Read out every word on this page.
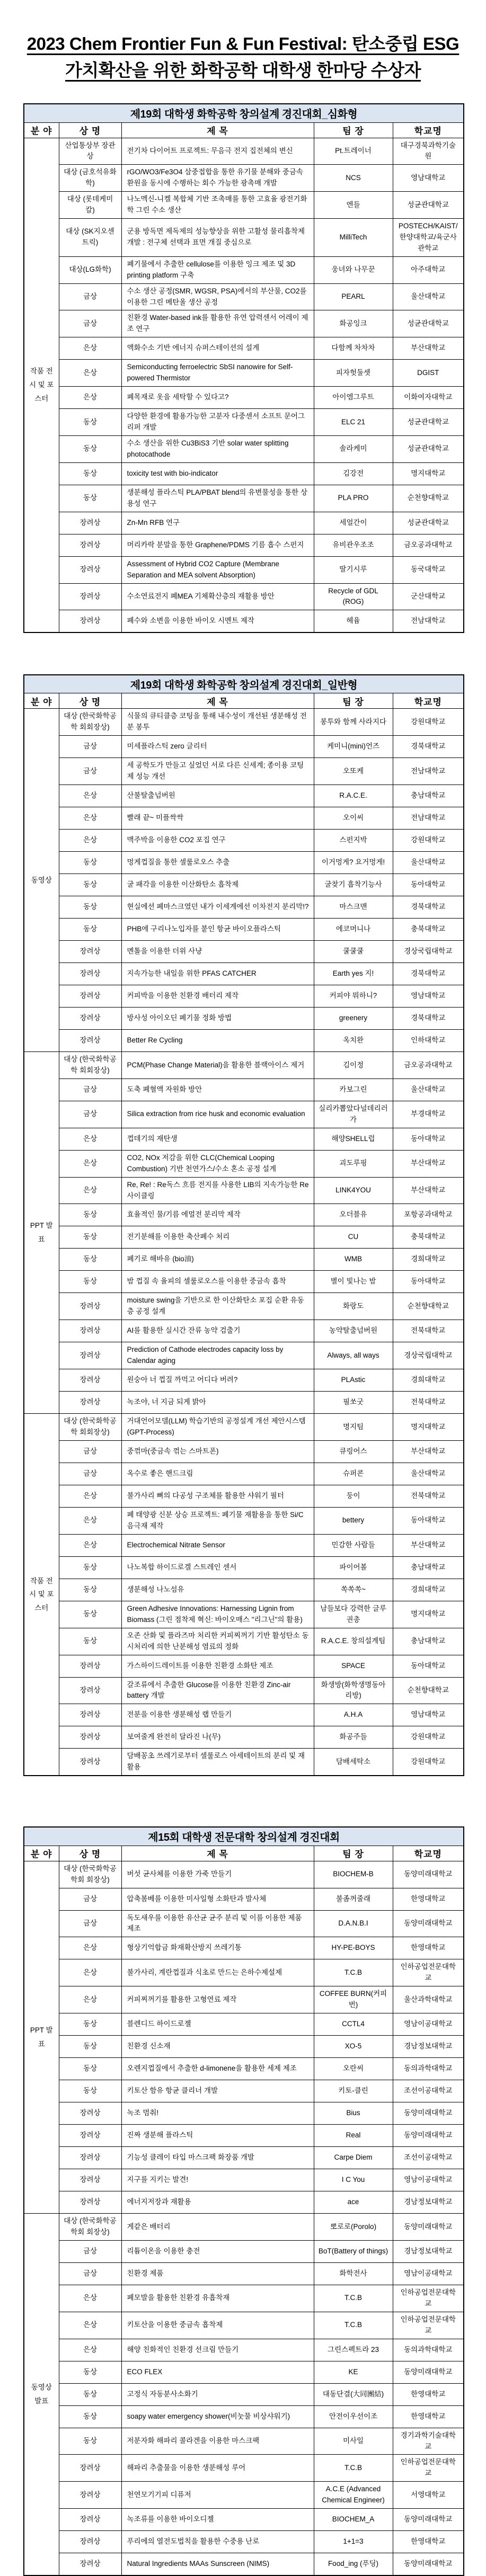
2023 Chem Frontier Fun & Fun Festival: 탄소중립 ESG
가치확산을 위한 화학공학 대학생 한마당 수상자
제19회 대학생 화학공학 창의설계 경진대회_심화형				
분 야	상 명	제 목	팀 장	학교명
작품 전시 및 포스터	산업통상부 장관상	전기차 다이어트 프로젝트: 무음극 전지 집전체의 변신	Pt.트레이너	대구경북과학기술원
	대상 (금호석유화학)	rGO/WO3/Fe3O4 삼중접합을 통한 유기물 분해와 중금속 환원을 동시에 수행하는 회수 가능한 광촉매 개발	NCS	영남대학교
	대상 (롯데케미칼)	나노멕신-니켈 복합체 기반 조촉매를 통한 고효율 광전기화학 그린 수소 생산	엔들	성균관대학교
	대상 (SK지오센트릭)	군용 방독면 제독제의 성능향상을 위한 고활성 물리흡착제 개발 : 전구체 선택과 표면 개질 중심으로	MilliTech	POSTECH/KAIST/한양대학교/육군사관학교
	대상(LG화학)	폐기물에서 추출한 cellulose를 이용한 잉크 제조 및 3D printing platform 구축	웅녀와 나무꾼	아주대학교
	금상	수소 생산 공정(SMR, WGSR, PSA)에서의 부산물, CO2를 이용한 그린 메탄올 생산 공정	PEARL	울산대학교
	금상	친환경 Water-based ink를 활용한 유연 압력센서 어레이 제조 연구	화공잉크	성균관대학교
	은상	액화수소 기반 에너지 슈퍼스테이션의 설계	다함께 차차차	부산대학교
	은상	Semiconducting ferroelectric SbSI nanowire for Self-powered Thermistor	피자헛둘셋	DGIST
	은상	폐목재로 옷을 세탁할 수 있다고?	아이엠그루트	이화여자대학교
	동상	다양한 환경에 활용가능한 고분자 다중센서 소프트 문어그리퍼 개발	ELC 21	성균관대학교
	동상	수소 생산을 위한 Cu3BiS3 기반 solar water splitting photocathode	솔라케미	성균관대학교
	동상	toxicity test with bio-indicator	김강전	명지대학교
	동상	생분해성 플라스틱 PLA/PBAT blend의 유변물성을 통한 상용성 연구	PLA PRO	순천향대학교
	장려상	Zn-Mn RFB 연구	세얼간이	성균관대학교
	장려상	머리카락 분말을 통한 Graphene/PDMS 기름 흡수 스펀지	유비관우조조	금오공과대학교
	장려상	Assessment of Hybrid CO2 Capture (Membrane Separation and MEA solvent Absorption)	딸기시루	동국대학교
	장려상	수소연료전지 폐MEA 기체확산층의 재활용 방안	Recycle of GDL (ROG)	군산대학교
	장려상	폐수와 소변을 이용한 바이오 시멘트 제작	헤윰	전남대학교
제19회 대학생 화학공학 창의설계 경진대회_일반형				
분 야	상 명	제 목	팀 장	학교명
동영상	대상 (한국화학공학 회회장상)	식물의 큐티클층 코팅을 통해 내수성이 개선된 생분해성 전분 봉투	봉투와 함께 사라지다	강원대학교
	금상	미세플라스틱 zero 글리터	케미니(mini)언즈	경북대학교
	금상	세 공학도가 만들고 싶었던 서로 다른 신세계; 종이용 코팅제 성능 개선	오또케	전남대학교
	은상	산불탈출넘버원	R.A.C.E.	충남대학교
	은상	빨래 끝~ 미플싹싹	오이씨	전남대학교
	은상	맥주박을 이용한 CO2 포집 연구	스펀지박	강원대학교
	동상	멍게껍질을 통한 셀룰로오스 추출	이거멍게? 요거멍게!	울산대학교
	동상	굴 패각을 이용한 이산화탄소 흡착제	굴찾기 흡착기능사	동아대학교
	동상	현실에선 폐마스크였던 내가 이세계에선 이차전지 분리막!?	마스크맨	경북대학교
	동상	PHB에 구리나노입자를 붙인 항균 바이오플라스틱	에코머니나	충북대학교
	장려상	멘톨을 이용한 더위 사냥	쿨쿨쿨	경상국립대학교
	장려상	지속가능한 내일을 위한 PFAS CATCHER	Earth yes 지!	경북대학교
	장려상	커피박을 이용한 친환경 배터리 제작	커피야 뭐하니?	영남대학교
	장려상	방사성 아이오딘 폐기물 정화 방법	greenery	경북대학교
	장려상	Better Re Cycling	옥치완	인하대학교
PPT 발표	대상 (한국화학공학 회회장상)	PCM(Phase Change Material)을 활용한 블랙아이스 제거	김이정	금오공과대학교
	금상	도축 폐혈액 자원화 방안	카보그린	울산대학교
	금상	Silica extraction from rice husk and economic evaluation	실리카뽑았다널데리러가	부경대학교
	은상	껍데기의 재탄생	해양SHELL럽	동아대학교
	은상	CO2, NOx 저감을 위한 CLC(Chemical Looping Combustion) 기반 천연가스/수소 혼소 공정 설계	괴도루핑	부산대학교
	은상	Re, Re! : Re독스 흐름 전지를 사용한 LIB의 지속가능한 Re사이클링	LINK4YOU	부산대학교
	동상	효율적인 물/기름 에멀전 분리막 제작	오더블유	포항공과대학교
	동상	전기분해를 이용한 축산폐수 처리	CU	충북대학교
	동상	폐기로 해바유 (bio油)	WMB	경희대학교
	동상	밤 껍질 속 율피의 셀룰로오스를 이용한 중금속 흡착	별이 빛나는 밤	동아대학교
	장려상	moisture swing을 기반으로 한 이산화탄소 포집 순환 유동층 공정 설계	화랑도	순천향대학교
	장려상	AI를 활용한 실시간 잔류 농약 검출기	농약탈출넘버원	전북대학교
	장려상	Prediction of Cathode electrodes capacity loss by Calendar aging	Always, all ways	경상국립대학교
	장려상	원숭아 너 껍질 까먹고 어디다 버려?	PLAstic	경희대학교
	장려상	녹조야, 너 지금 되게 밝아	필쏘굿	전북대학교
작품 전시 및 포스터	대상 (한국화학공학 회회장상)	거대언어모델(LLM) 학습기반의 공정설계 개선 제안시스템(GPT-Process)	명지팀	명지대학교
	금상	중꺾마(중금속 꺾는 스마트폰)	큐링어스	부산대학교
	금상	옥수로 좋은 핸드크림	슈퍼콘	울산대학교
	은상	불가사리 뼈의 다공성 구조체를 활용한 샤워기 필터	둥이	전북대학교
	은상	폐 태양광 신분 상승 프로젝트: 폐기물 재활용을 통한 Si/C 음극재 제작	bettery	동아대학교
	은상	Electrochemical Nitrate Sensor	민감한 사람들	부산대학교
	동상	나노복합 하이드로겔 스트레인 센서	파이어볼	충남대학교
	동상	생분해성 나노섬유	쏙쏙쏙~	경희대학교
	동상	Green Adhesive Innovations: Harnessing Lignin from Biomass (그린 점착제 혁신: 바이오매스 "리그닌"의 활용)	남들보다 강력한 글루권총	명지대학교
	동상	오존 산화 및 플라즈마 처리한 커피찌꺼기 기반 활성탄소 동시처리에 의한 난분해성 염료의 정화	R.A.C.E. 창의설계팀	충남대학교
	장려상	가스하이드레이트를 이용한 친환경 소화탄 제조	SPACE	동아대학교
	장려상	갈조류에서 추출한 Glucose를 이용한 친환경 Zinc-air battery 개발	화생방(화학생명동아리방)	순천향대학교
	장려상	전분을 이용한 생분해성 랩 만들기	A.H.A	영남대학교
	장려상	보여줄게 완전히 달라진 나(무)	화공주들	강원대학교
	장려상	담배꽁초 쓰레기로부터 셀룰로스 아세테이트의 분리 및 재활용	담배세탁소	강원대학교
제15회 대학생 전문대학 창의설계 경진대회				
분 야	상 명	제 목	팀 장	학교명
PPT 발표	대상 (한국화학공학회 회장상)	버섯 균사체를 이용한 가죽 만들기	BIOCHEM-B	동양미래대학교
	금상	압축봄베를 이용한 미사일형 소화탄과 발사체	불좀꺼줄래	한영대학교
	금상	독도새우를 이용한 유산균 균주 분리 및 이를 이용한 제품 제조	D.A.N.B.I	동양미래대학교
	은상	형상기억합금 화재확산방지 쓰레기통	HY-PE-BOYS	한영대학교
	은상	불가사리, 계란껍질과 식초로 만드는 은하수제설제	T.C.B	인하공업전문대학교
	은상	커피찌꺼기를 활용한 고형연료 제작	COFFEE BURN(커피번)	울산과학대학교
	동상	블렌디드 하이드로젤	CCTL4	영남이공대학교
	동상	친환경 신소재	XO-5	경남정보대학교
	동상	오렌지껍질에서 추출한 d-limonene을 활용한 세제 제조	오란씨	동의과학대학교
	동상	키토산 함유 항균 클리너 개발	키토-클린	조선이공대학교
	장려상	녹조 멈춰!	Bius	동양미래대학교
	장려상	진짜 생분해 플라스틱	Real	동양미래대학교
	장려상	기능성 클레이 타입 마스크팩 화장품 개발	Carpe Diem	조선이공대학교
	장려상	지구를 지키는 발견!	I C You	영남이공대학교
	장려상	에너지저장과 재활용	ace	경남정보대학교
동영상 발표	대상 (한국화학공학회 회장상)	게같은 배터리	뽀로로(Porolo)	동양미래대학교
	금상	리튬이온을 이용한 충전	BoT(Battery of things)	경남정보대학교
	금상	친환경 제품	화학전사	영남이공대학교
	은상	폐모발을 활용한 친환경 유흡착재	T.C.B	인하공업전문대학교
	은상	키토산을 이용한 중금속 흡착제	T.C.B	인하공업전문대학교
	은상	해양 친화적인 친환경 선크림 만들기	그린스펙트라 23	동의과학대학교
	동상	ECO FLEX	KE	동양미래대학교
	동상	고정식 자동분사소화기	대동단결(大同團結)	한영대학교
	동상	soapy water emergency shower(비눗물 비상샤워기)	안전이우선이조	한영대학교
	동상	저분자화 해파리 콜라겐을 이용한 마스크팩	미사일	경기과학기술대학교
	장려상	해파리 추출물을 이용한 생분해성 루어	T.C.B	인하공업전문대학교
	장려상	천연모기기피 디퓨저	A.C.E (Advanced Chemical Engineer)	서영대학교
	장려상	녹조류를 이용한 바이오디젤	BIOCHEM_A	동양미래대학교
	장려상	푸리에의 열전도법칙을 활용한 수중용 난로	1+1=3	한영대학교
	장려상	Natural Ingredients MAAs Sunscreen (NIMS)	Food_ing (푸딩)	동양미래대학교
